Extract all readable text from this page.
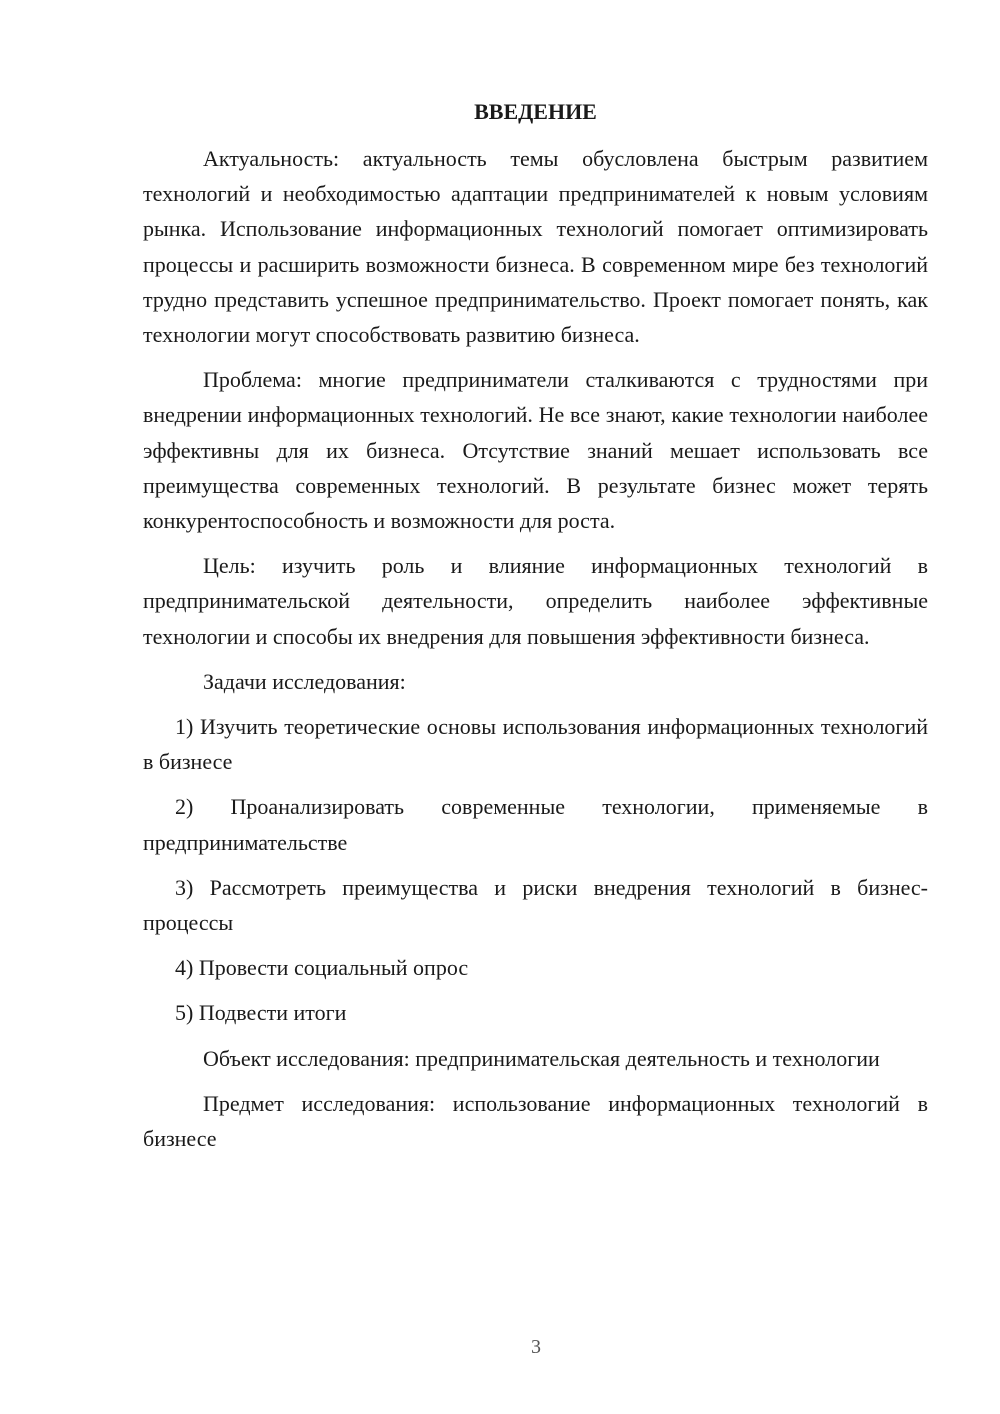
ВВЕДЕНИЕ

Актуальность: актуальность темы обусловлена быстрым развитием технологий и необходимостью адаптации предпринимателей к новым условиям рынка. Использование информационных технологий помогает оптимизировать процессы и расширить возможности бизнеса. В современном мире без технологий трудно представить успешное предпринимательство. Проект помогает понять, как технологии могут способствовать развитию бизнеса.

Проблема: многие предприниматели сталкиваются с трудностями при внедрении информационных технологий. Не все знают, какие технологии наиболее эффективны для их бизнеса. Отсутствие знаний мешает использовать все преимущества современных технологий. В результате бизнес может терять конкурентоспособность и возможности для роста.

Цель: изучить роль и влияние информационных технологий в предпринимательской деятельности, определить наиболее эффективные технологии и способы их внедрения для повышения эффективности бизнеса.

Задачи исследования:

1) Изучить теоретические основы использования информационных технологий в бизнесе

2) Проанализировать современные технологии, применяемые в предпринимательстве

3) Рассмотреть преимущества и риски внедрения технологий в бизнес-процессы

4) Провести социальный опрос

5) Подвести итоги

Объект исследования: предпринимательская деятельность и технологии

Предмет исследования: использование информационных технологий в бизнесе

3
